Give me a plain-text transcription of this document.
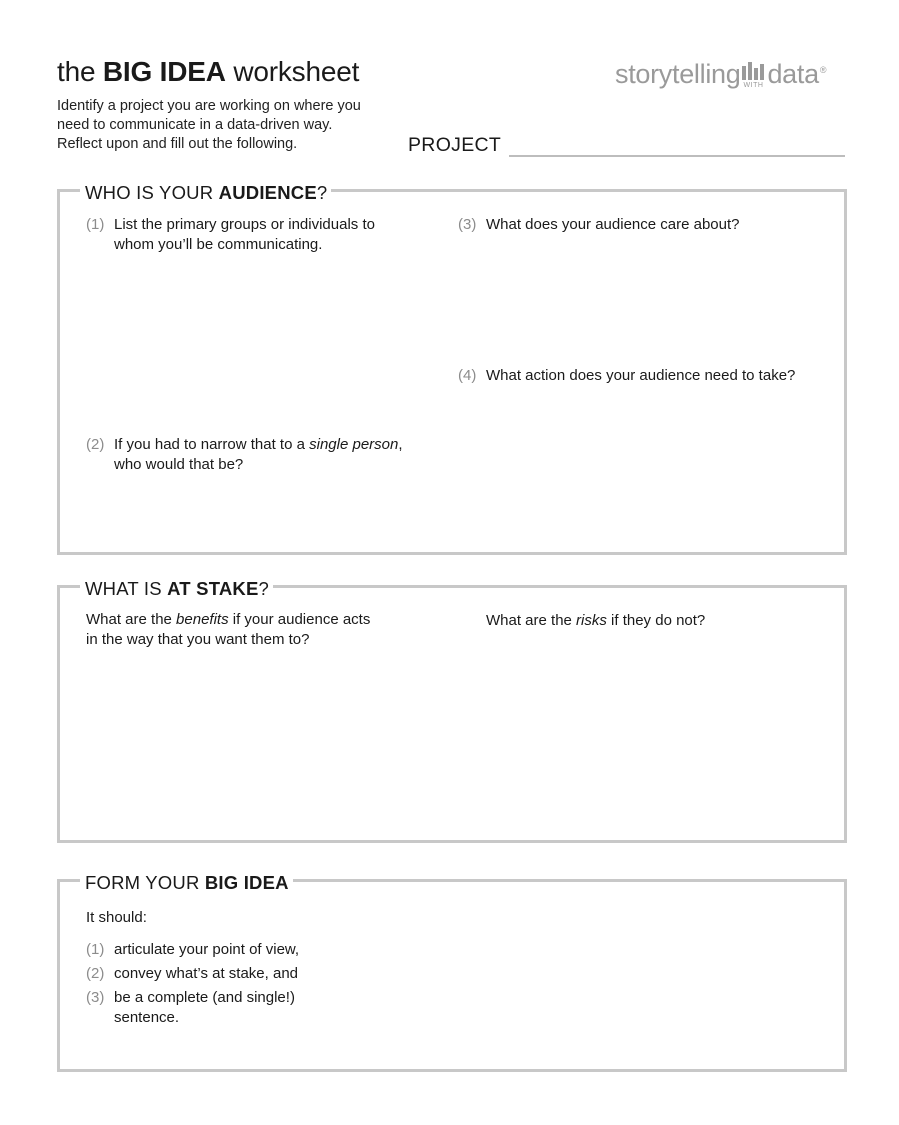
the BIG IDEA worksheet
Identify a project you are working on where you
need to communicate in a data-driven way.
Reflect upon and fill out the following.	PROJECT
storytelling WITH data ®
WHO IS YOUR AUDIENCE?
(1) List the primary groups or individuals to
whom you’ll be communicating.
(2) If you had to narrow that to a single person,
who would that be?
(3) What does your audience care about?
(4) What action does your audience need to take?
WHAT IS AT STAKE?
What are the benefits if your audience acts
in the way that you want them to?
What are the risks if they do not?
FORM YOUR BIG IDEA
It should:
(1) articulate your point of view,
(2) convey what’s at stake, and
(3) be a complete (and single!)
sentence.
